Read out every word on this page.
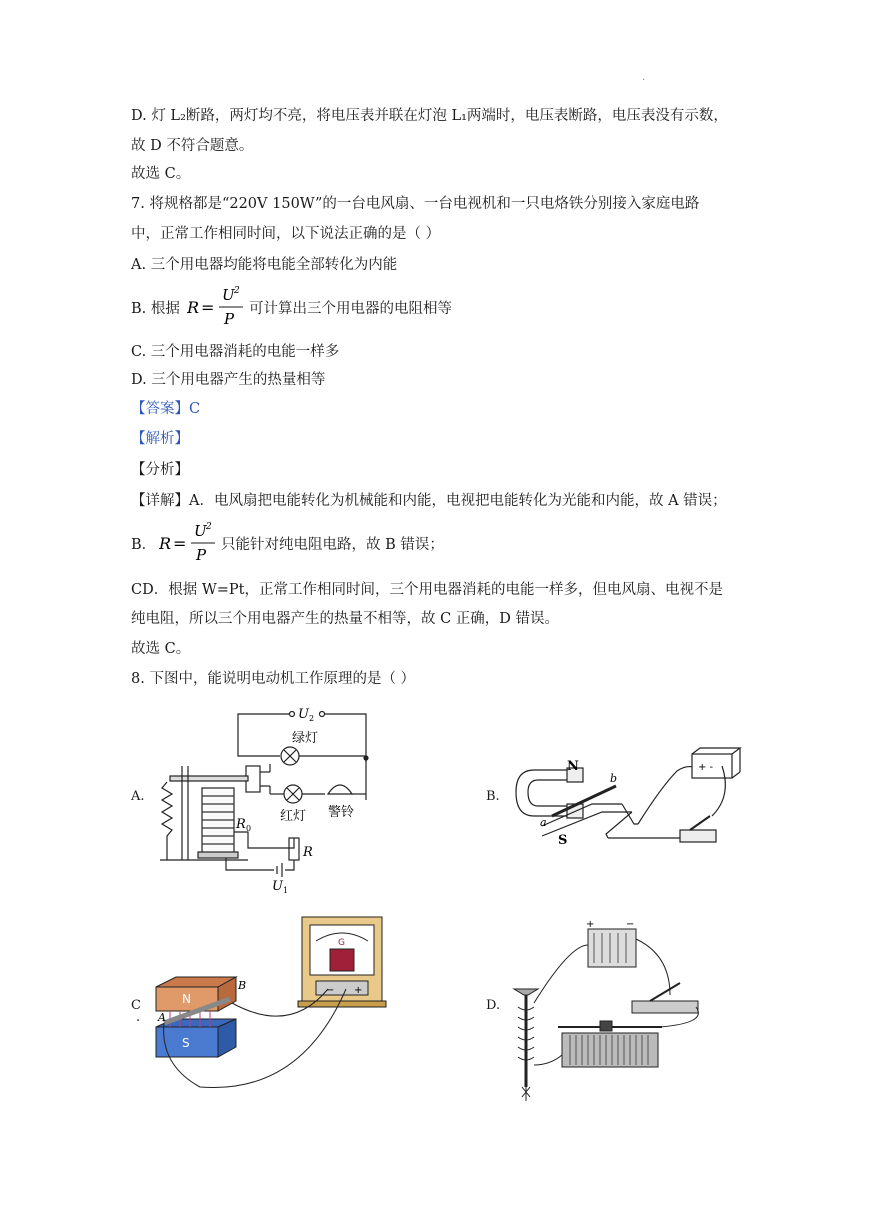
.
D. 灯 L₂断路，两灯均不亮，将电压表并联在灯泡 L₁两端时，电压表断路，电压表没有示数，
故 D 不符合题意。
故选 C。
7. 将规格都是“220V 150W”的一台电风扇、一台电视机和一只电烙铁分别接入家庭电路
中，正常工作相同时间，以下说法正确的是（ ）
A. 三个用电器均能将电能全部转化为内能
B. 根据 R =
U 2
P
可计算出三个用电器的电阻相等
C. 三个用电器消耗的电能一样多
D. 三个用电器产生的热量相等
【答案】C
【解析】
【分析】
【详解】A．电风扇把电能转化为机械能和内能，电视把电能转化为光能和内能，故 A 错误；
B． R =
U 2
P
只能针对纯电阻电路，故 B 错误；
CD．根据 W=Pt，正常工作相同时间，三个用电器消耗的电能一样多，但电风扇、电视不是
纯电阻，所以三个用电器产生的热量不相等，故 C 正确，D 错误。
故选 C。
8. 下图中，能说明电动机工作原理的是（ ）
A.	B.
C
.
D.
U 2
绿灯
红灯 警铃
R 0
R
U 1
N
S
a
b
+ -
N
S
A
B
G
− +
+	−
